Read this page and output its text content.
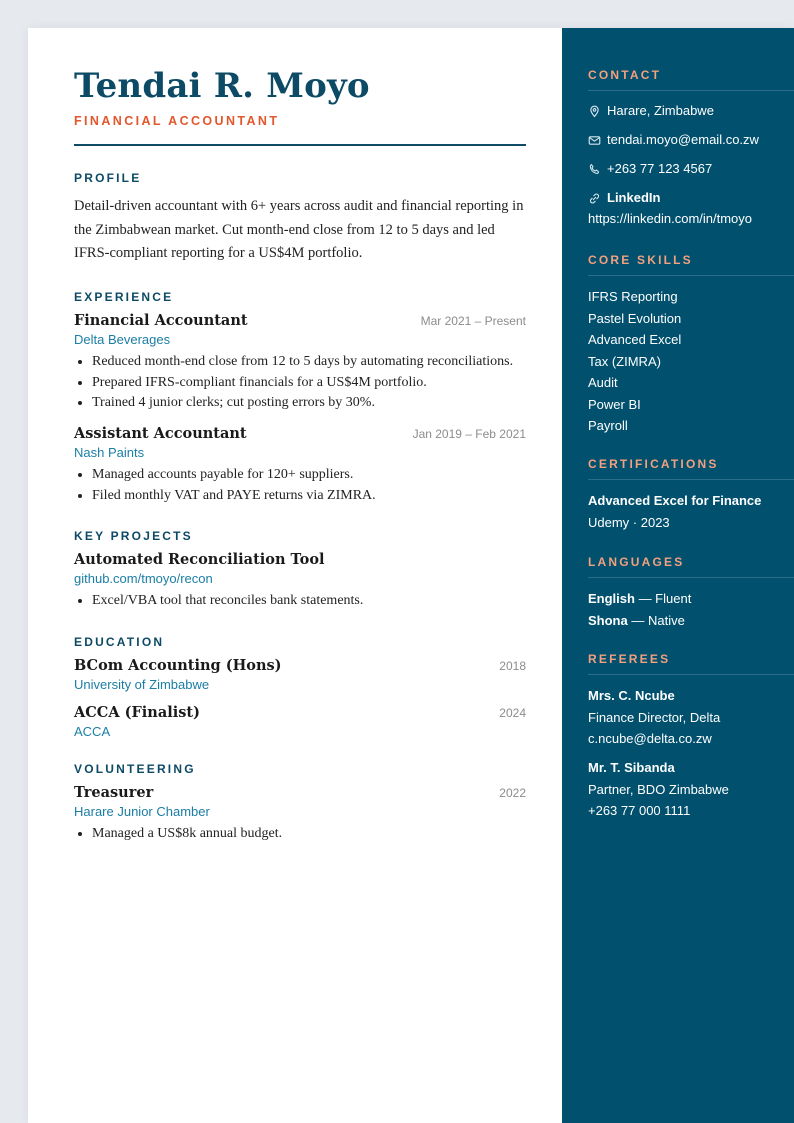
Tendai R. Moyo
FINANCIAL ACCOUNTANT
PROFILE
Detail-driven accountant with 6+ years across audit and financial reporting in the Zimbabwean market. Cut month-end close from 12 to 5 days and led IFRS-compliant reporting for a US$4M portfolio.
EXPERIENCE
Financial Accountant	Mar 2021 – Present
Delta Beverages
• Reduced month-end close from 12 to 5 days by automating reconciliations.
• Prepared IFRS-compliant financials for a US$4M portfolio.
• Trained 4 junior clerks; cut posting errors by 30%.
Assistant Accountant	Jan 2019 – Feb 2021
Nash Paints
• Managed accounts payable for 120+ suppliers.
• Filed monthly VAT and PAYE returns via ZIMRA.
KEY PROJECTS
Automated Reconciliation Tool
github.com/tmoyo/recon
• Excel/VBA tool that reconciles bank statements.
EDUCATION
BCom Accounting (Hons)	2018
University of Zimbabwe
ACCA (Finalist)	2024
ACCA
VOLUNTEERING
Treasurer	2022
Harare Junior Chamber
• Managed a US$8k annual budget.
CONTACT
Harare, Zimbabwe
tendai.moyo@email.co.zw
+263 77 123 4567
LinkedIn
https://linkedin.com/in/tmoyo
CORE SKILLS
IFRS Reporting
Pastel Evolution
Advanced Excel
Tax (ZIMRA)
Audit
Power BI
Payroll
CERTIFICATIONS
Advanced Excel for Finance
Udemy · 2023
LANGUAGES
English — Fluent
Shona — Native
REFEREES
Mrs. C. Ncube
Finance Director, Delta
c.ncube@delta.co.zw
Mr. T. Sibanda
Partner, BDO Zimbabwe
+263 77 000 1111
